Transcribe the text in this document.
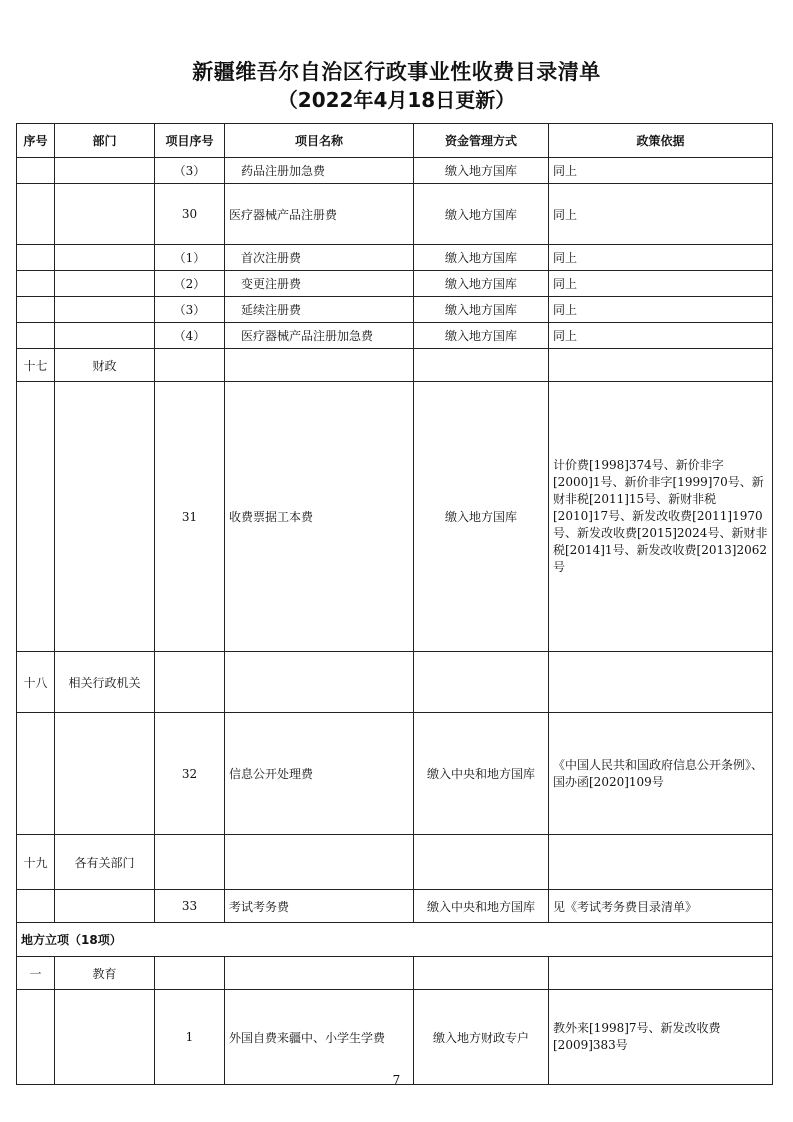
新疆维吾尔自治区行政事业性收费目录清单
（2022年4月18日更新）
序号	部门	项目序号	项目名称	资金管理方式	政策依据
		（3）	药品注册加急费	缴入地方国库	同上
		30	医疗器械产品注册费	缴入地方国库	同上
		（1）	首次注册费	缴入地方国库	同上
		（2）	变更注册费	缴入地方国库	同上
		（3）	延续注册费	缴入地方国库	同上
		（4）	医疗器械产品注册加急费	缴入地方国库	同上
十七	财政				
		31	收费票据工本费	缴入地方国库	计价费[1998]374号、新价非字[2000]1号、新价非字[1999]70号、新财非税[2011]15号、新财非税[2010]17号、新发改收费[2011]1970号、新发改收费[2015]2024号、新财非税[2014]1号、新发改收费[2013]2062号
十八	相关行政机关				
		32	信息公开处理费	缴入中央和地方国库	《中国人民共和国政府信息公开条例》、国办函[2020]109号
十九	各有关部门				
		33	考试考务费	缴入中央和地方国库	见《考试考务费目录清单》
地方立项（18项）					
一	教育				
		1	外国自费来疆中、小学生学费	缴入地方财政专户	教外来[1998]7号、新发改收费[2009]383号
7
